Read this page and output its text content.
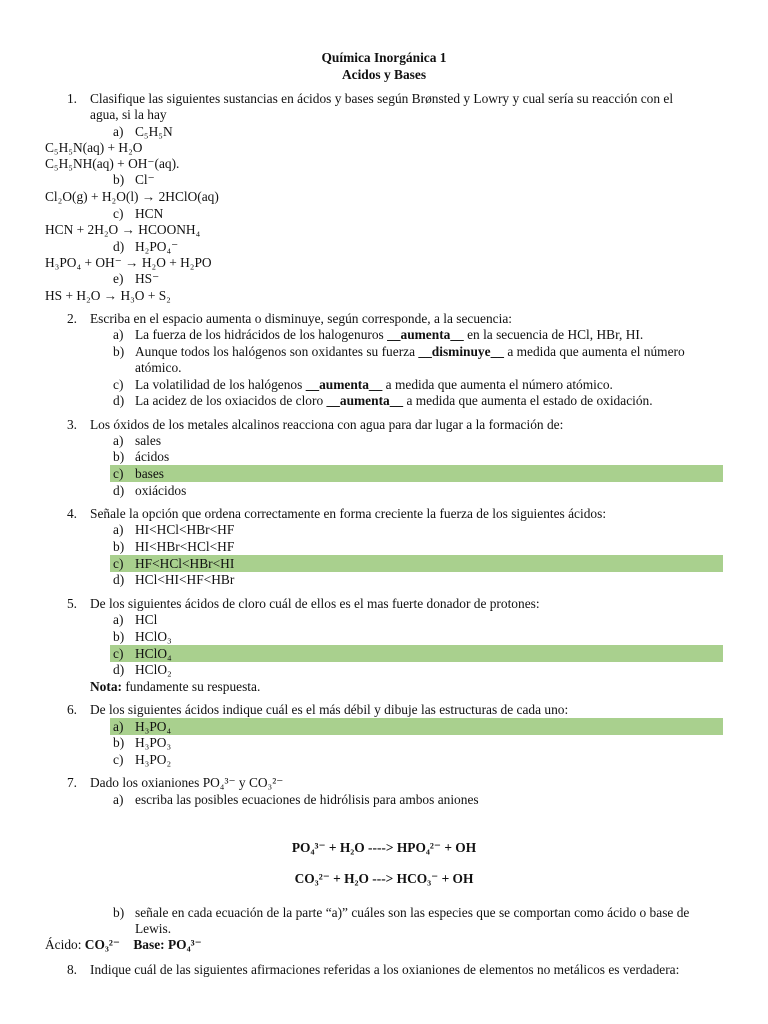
Química Inorgánica 1
Acidos y Bases
1. Clasifique las siguientes sustancias en ácidos y bases según Brønsted y Lowry y cual sería su reacción con el
agua, si la hay
a) C₅H₅N
C₅H₅N(aq) + H₂O
C₅H₅NH(aq) + OH⁻(aq).
b) Cl⁻
Cl₂O(g) + H₂O(l) → 2HClO(aq)
c) HCN
HCN + 2H₂O → HCOONH₄
d) H₂PO₄⁻
H₃PO₄ + OH⁻ → H₂O + H₂PO
e) HS⁻
HS + H₂O → H₃O + S₂
2. Escriba en el espacio aumenta o disminuye, según corresponde, a la secuencia:
a) La fuerza de los hidrácidos de los halogenuros __aumenta__ en la secuencia de HCl, HBr, HI.
b) Aunque todos los halógenos son oxidantes su fuerza __disminuye__ a medida que aumenta el número
atómico.
c) La volatilidad de los halógenos __aumenta__ a medida que aumenta el número atómico.
d) La acidez de los oxiacidos de cloro __aumenta__ a medida que aumenta el estado de oxidación.
3. Los óxidos de los metales alcalinos reacciona con agua para dar lugar a la formación de:
a) sales
b) ácidos
c) bases
d) oxiácidos
4. Señale la opción que ordena correctamente en forma creciente la fuerza de los siguientes ácidos:
a) HI<HCl<HBr<HF
b) HI<HBr<HCl<HF
c) HF<HCl<HBr<HI
d) HCl<HI<HF<HBr
5. De los siguientes ácidos de cloro cuál de ellos es el mas fuerte donador de protones:
a) HCl
b) HClO₃
c) HClO₄
d) HClO₂
Nota: fundamente su respuesta.
6. De los siguientes ácidos indique cuál es el más débil y dibuje las estructuras de cada uno:
a) H₃PO₄
b) H₃PO₃
c) H₃PO₂
7. Dado los oxianiones PO₄³⁻ y CO₃²⁻
a) escriba las posibles ecuaciones de hidrólisis para ambos aniones
PO₄³⁻ + H₂O ----> HPO₄²⁻ + OH
CO₃²⁻ + H₂O ---> HCO₃⁻ + OH
b) señale en cada ecuación de la parte “a)” cuáles son las especies que se comportan como ácido o base de
Lewis.
Ácido: CO₃²⁻ Base: PO₄³⁻
8. Indique cuál de las siguientes afirmaciones referidas a los oxianiones de elementos no metálicos es verdadera:
